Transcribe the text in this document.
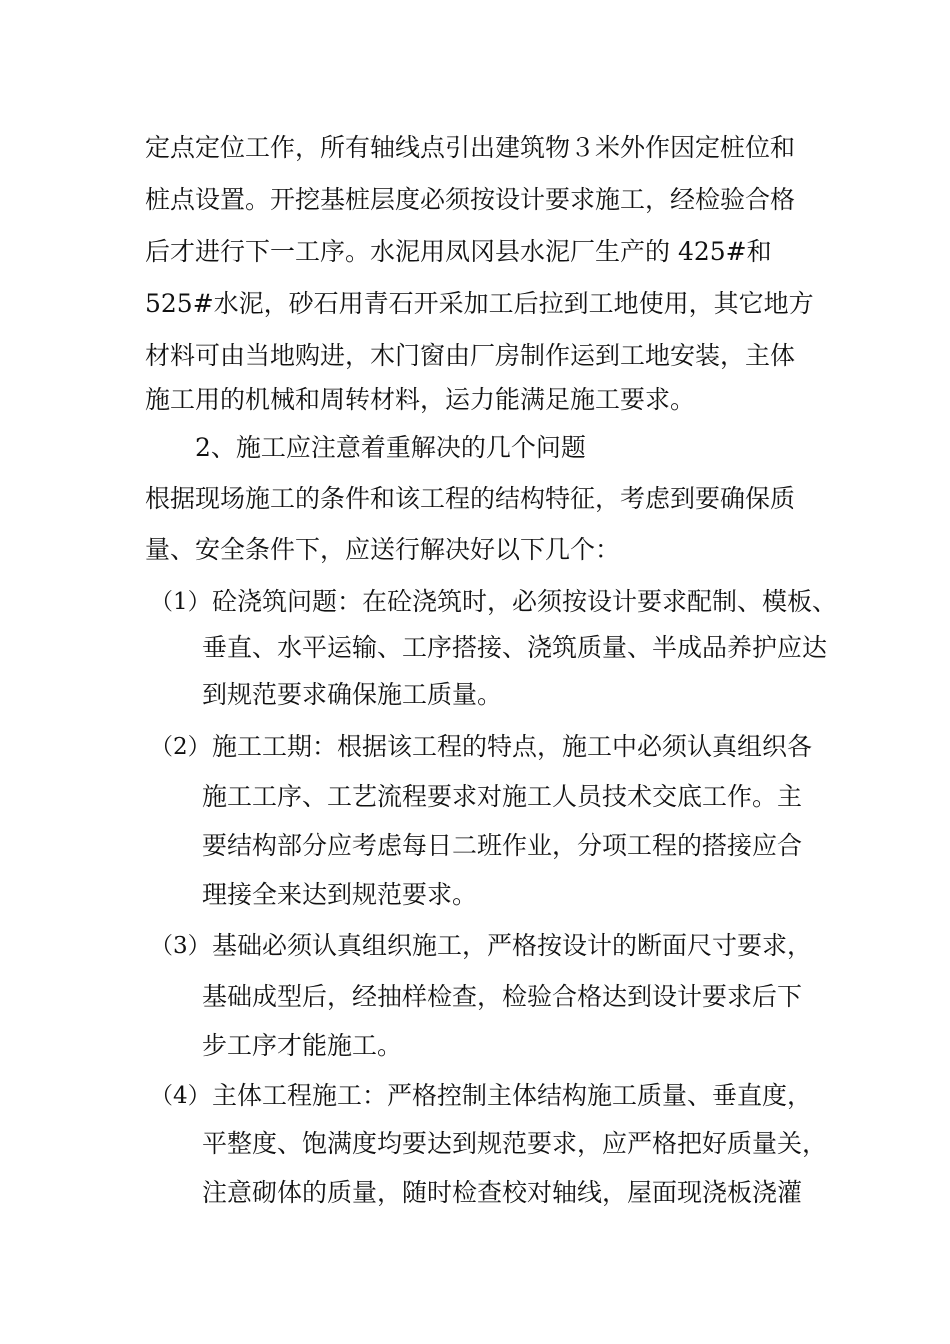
定点定位工作，所有轴线点引出建筑物３米外作因定桩位和
桩点设置。开挖基桩层度必须按设计要求施工，经检验合格
后才进行下一工序。水泥用凤冈县水泥厂生产的 425#和
525#水泥，砂石用青石开采加工后拉到工地使用，其它地方
材料可由当地购进，木门窗由厂房制作运到工地安装，主体
施工用的机械和周转材料，运力能满足施工要求。
2、施工应注意着重解决的几个问题
根据现场施工的条件和该工程的结构特征，考虑到要确保质
量、安全条件下，应送行解决好以下几个：
（1） 砼浇筑问题：在砼浇筑时，必须按设计要求配制、模板、
垂直、水平运输、工序搭接、浇筑质量、半成品养护应达
到规范要求确保施工质量。
（2） 施工工期：根据该工程的特点，施工中必须认真组织各
施工工序、工艺流程要求对施工人员技术交底工作。主
要结构部分应考虑每日二班作业，分项工程的搭接应合
理接全来达到规范要求。
（3） 基础必须认真组织施工，严格按设计的断面尺寸要求，
基础成型后，经抽样检查，检验合格达到设计要求后下
步工序才能施工。
（4） 主体工程施工：严格控制主体结构施工质量、垂直度，
平整度、饱满度均要达到规范要求，应严格把好质量关，
注意砌体的质量，随时检查校对轴线，屋面现浇板浇灌
